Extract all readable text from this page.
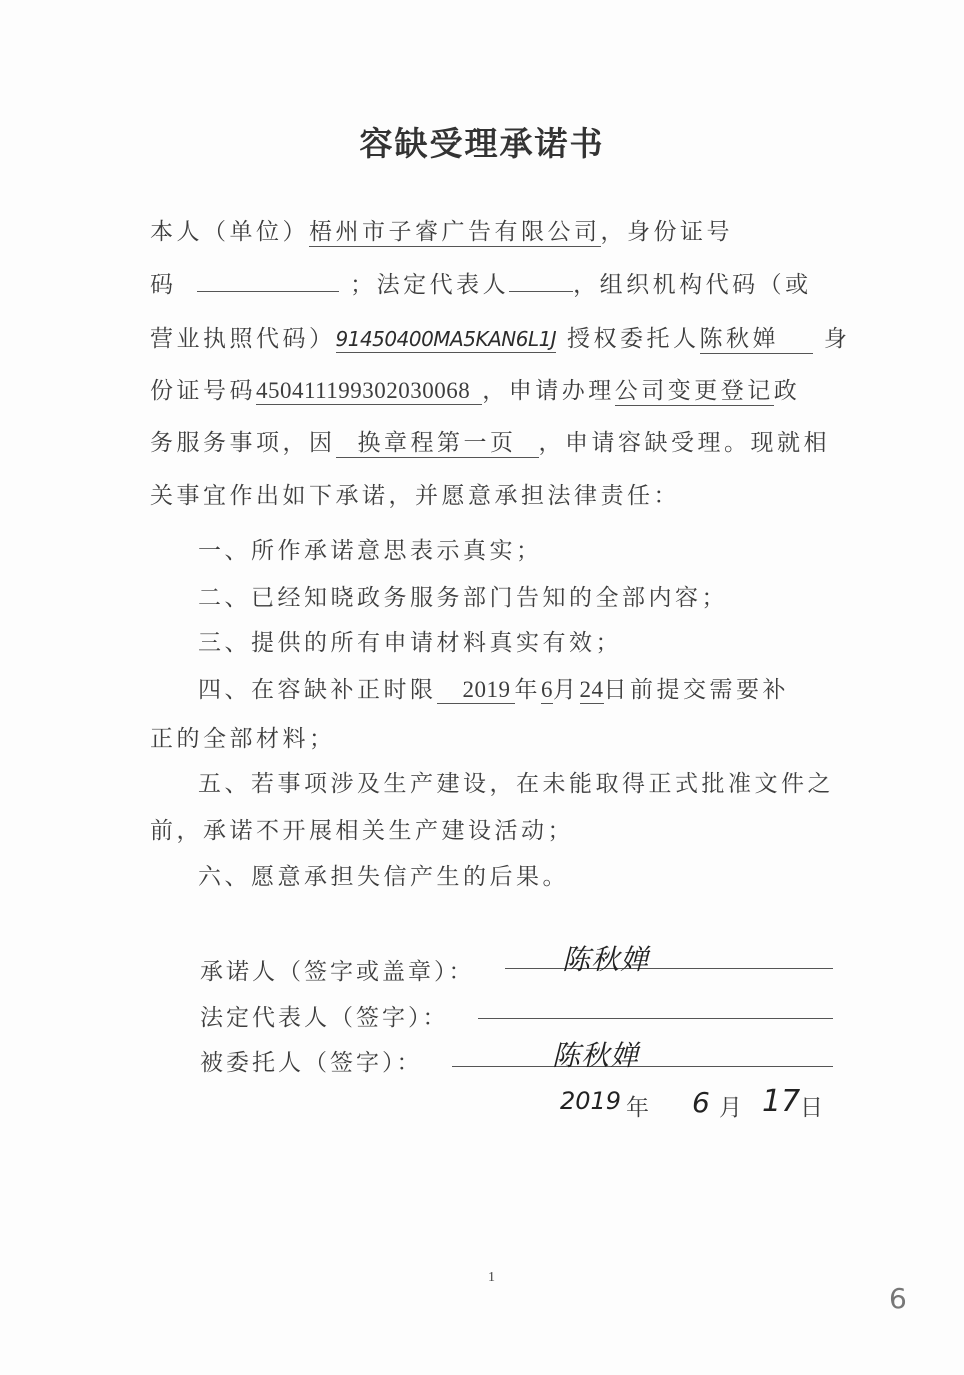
容缺受理承诺书
本人（单位）梧州市子睿广告有限公司，身份证号
码	；法定代表人	，组织机构代码（或
营业执照代码）91450400MA5KAN6L1J 授权委托人陈秋婵 身
份证号码450411199302030068 ，申请办理公司变更登记政
务服务事项，因 换章程第一页 ，申请容缺受理。现就相
关事宜作出如下承诺，并愿意承担法律责任：
一、所作承诺意思表示真实；
二、已经知晓政务服务部门告知的全部内容；
三、提供的所有申请材料真实有效；
四、在容缺补正时限 2019 年6月24日前提交需要补
正的全部材料；
五、若事项涉及生产建设，在未能取得正式批准文件之
前，承诺不开展相关生产建设活动；
六、愿意承担失信产生的后果。
承诺人（签字或盖章）：	陈秋婵
法定代表人（签字）：
被委托人（签字）：	陈秋婵
2019 年 6 月 17 日
1
6
